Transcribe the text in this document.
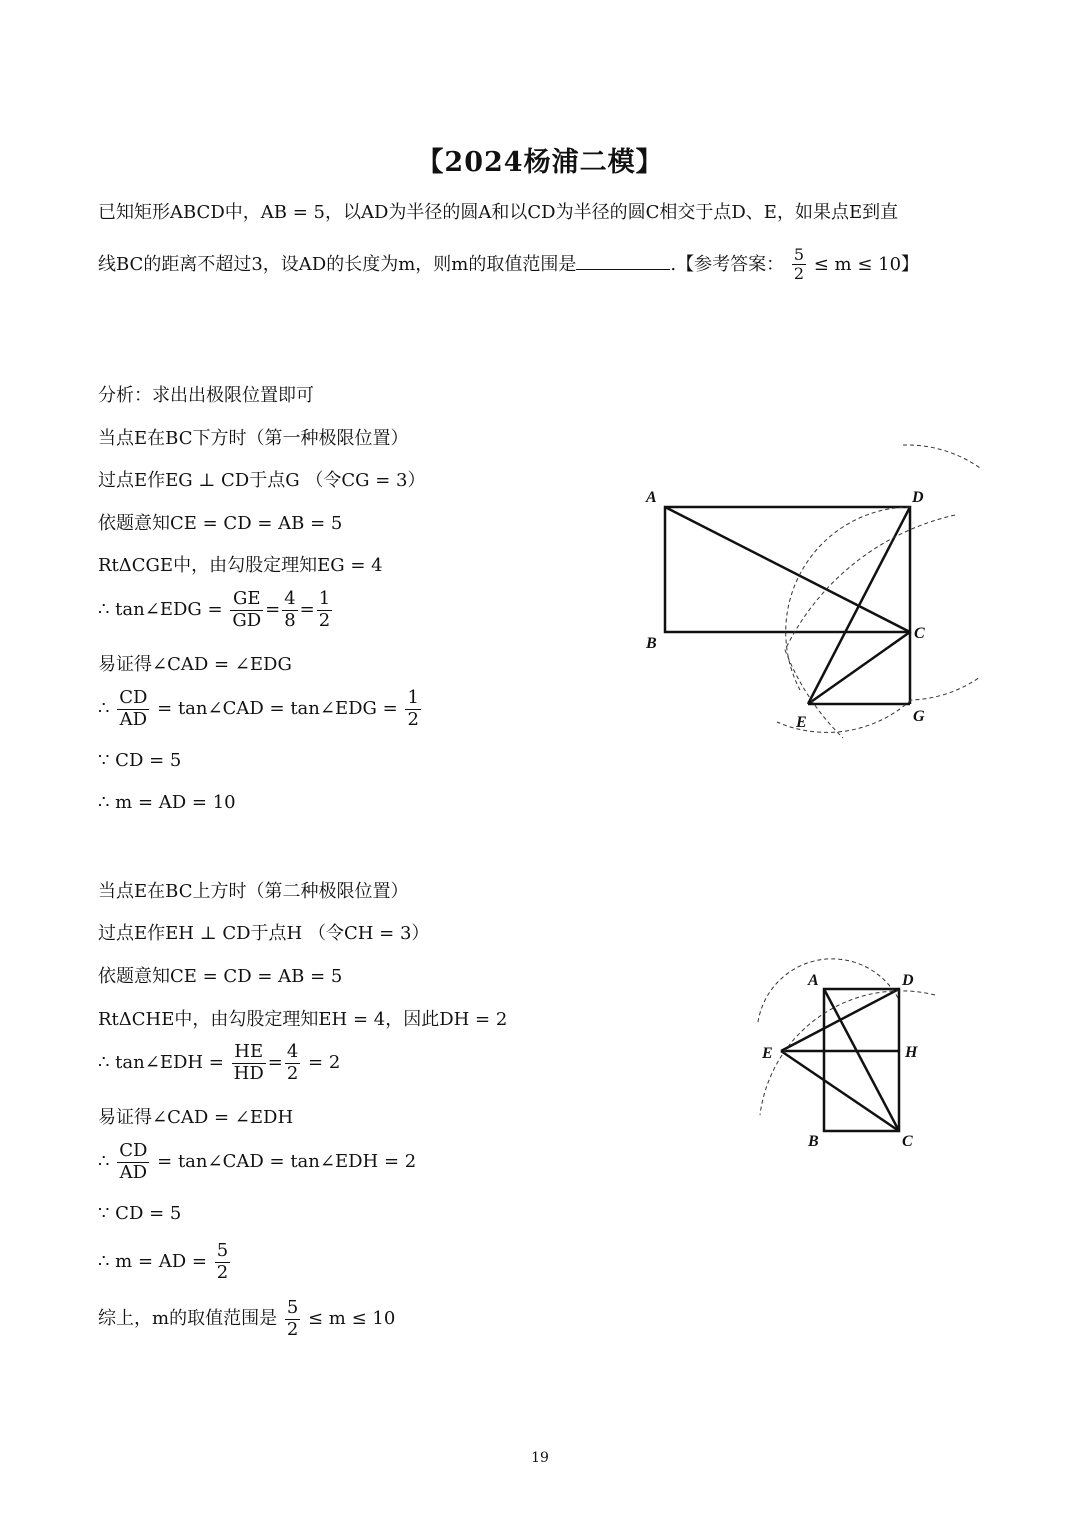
【2024杨浦二模】
已知矩形ABCD中，AB = 5，以AD为半径的圆A和以CD为半径的圆C相交于点D、E，如果点E到直
线BC的距离不超过3，设AD的长度为m，则m的取值范围是	.【参考答案： $\frac{5}{2} \le m \le 10$】
分析：求出出极限位置即可
当点E在BC下方时（第一种极限位置）
过点E作EG ⊥ CD于点G （令CG = 3）
依题意知CE = CD = AB = 5
RtΔCGE中，由勾股定理知EG = 4
∴ tan∠EDG = $\frac{GE}{GD} = \frac{4}{8} = \frac{1}{2}$
易证得∠CAD = ∠EDG
∴ $\frac{CD}{AD}$ = tan∠CAD = tan∠EDG = $\frac{1}{2}$
∵ CD = 5
∴ m = AD = 10
当点E在BC上方时（第二种极限位置）
过点E作EH ⊥ CD于点H （令CH = 3）
依题意知CE = CD = AB = 5
RtΔCHE中，由勾股定理知EH = 4，因此DH = 2
∴ tan∠EDH = $\frac{HE}{HD} = \frac{4}{2} = 2$
易证得∠CAD = ∠EDH
∴ $\frac{CD}{AD}$ = tan∠CAD = tan∠EDH = 2
∵ CD = 5
∴ m = AD = $\frac{5}{2}$
综上，m的取值范围是 $\frac{5}{2} \le m \le 10$
A	D
B
C
E	G
A	D
E	H
B	C
19
